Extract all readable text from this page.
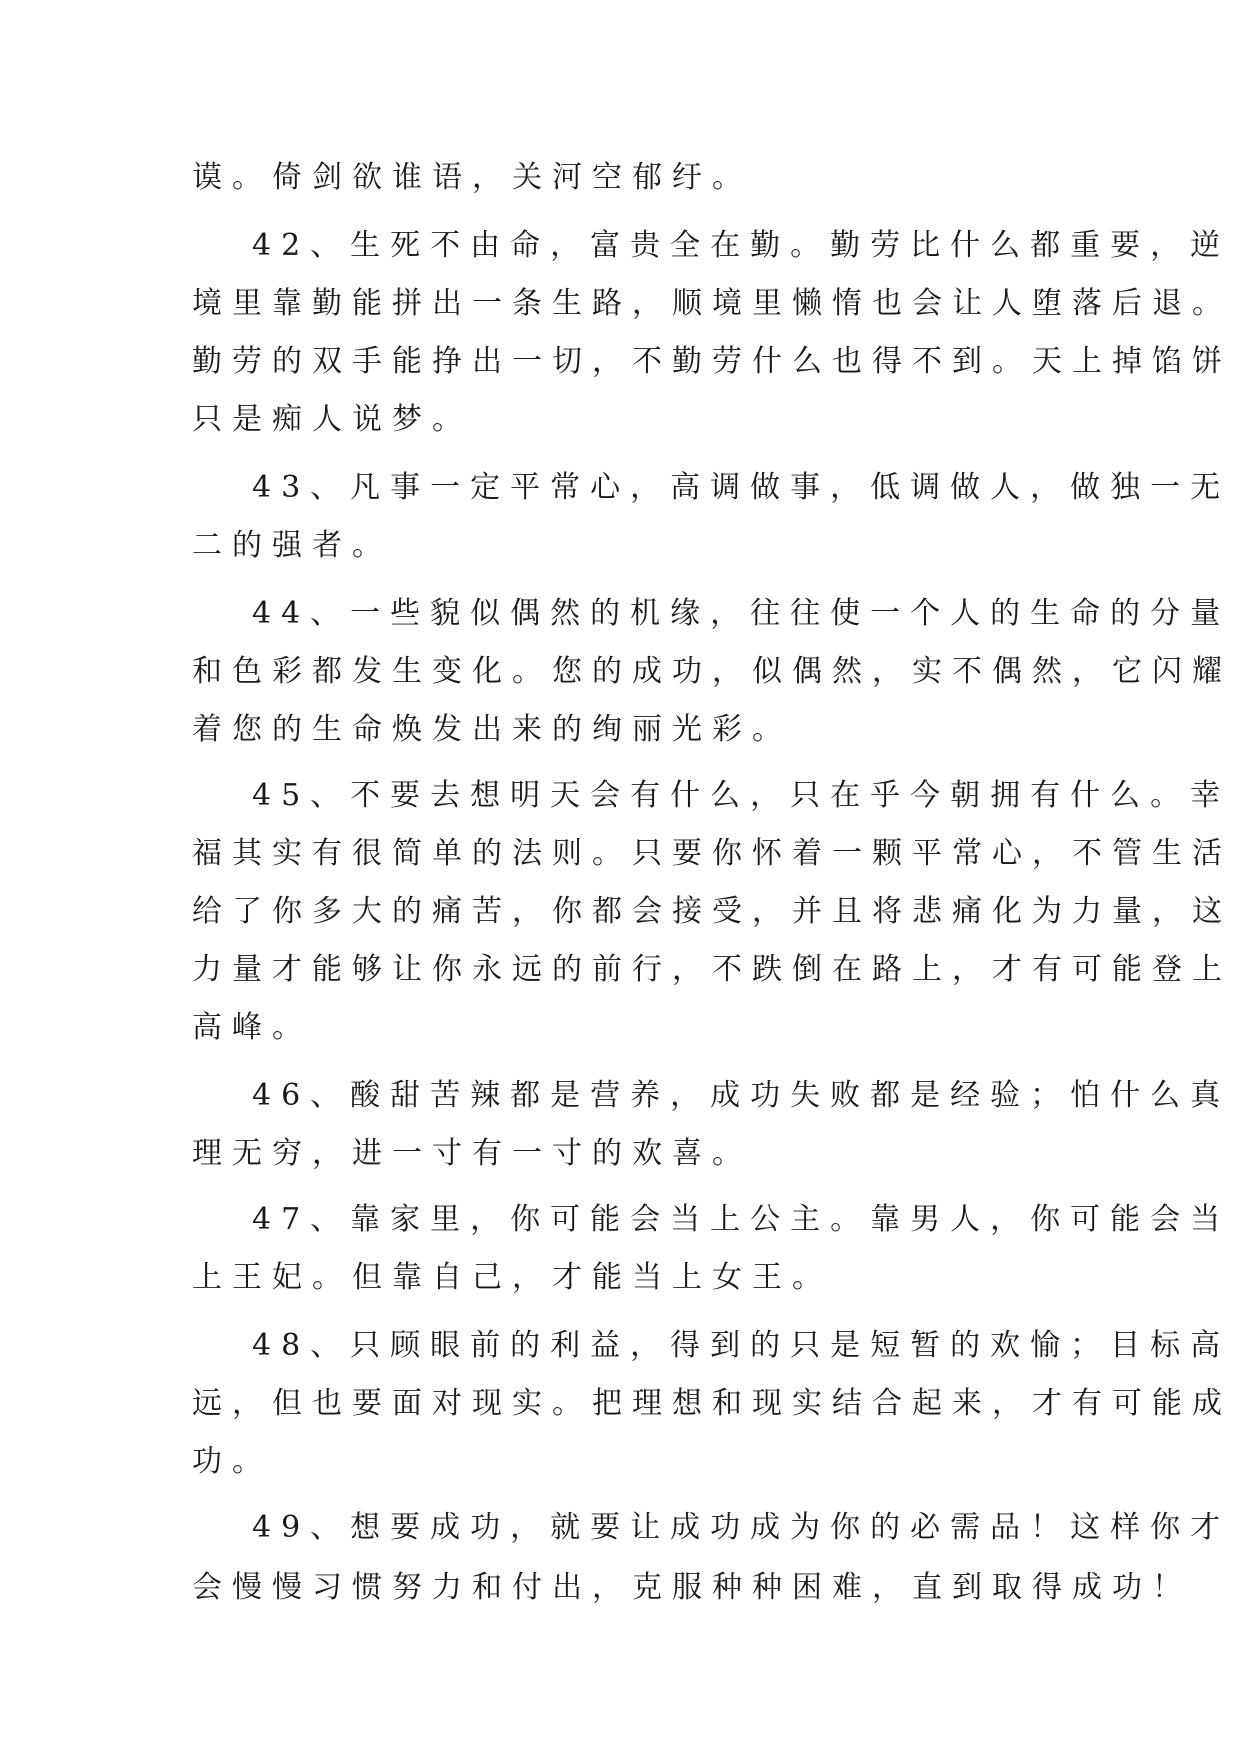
谟。倚剑欲谁语，关河空郁纡。
42、生死不由命，富贵全在勤。勤劳比什么都重要，逆
境里靠勤能拼出一条生路，顺境里懒惰也会让人堕落后退。
勤劳的双手能挣出一切，不勤劳什么也得不到。天上掉馅饼
只是痴人说梦。
43、凡事一定平常心，高调做事，低调做人，做独一无
二的强者。
44、一些貌似偶然的机缘，往往使一个人的生命的分量
和色彩都发生变化。您的成功，似偶然，实不偶然，它闪耀
着您的生命焕发出来的绚丽光彩。
45、不要去想明天会有什么，只在乎今朝拥有什么。幸
福其实有很简单的法则。只要你怀着一颗平常心，不管生活
给了你多大的痛苦，你都会接受，并且将悲痛化为力量，这
力量才能够让你永远的前行，不跌倒在路上，才有可能登上
高峰。
46、酸甜苦辣都是营养，成功失败都是经验；怕什么真
理无穷，进一寸有一寸的欢喜。
47、靠家里，你可能会当上公主。靠男人，你可能会当
上王妃。但靠自己，才能当上女王。
48、只顾眼前的利益，得到的只是短暂的欢愉；目标高
远，但也要面对现实。把理想和现实结合起来，才有可能成
功。
49、想要成功，就要让成功成为你的必需品！这样你才
会慢慢习惯努力和付出，克服种种困难，直到取得成功！
